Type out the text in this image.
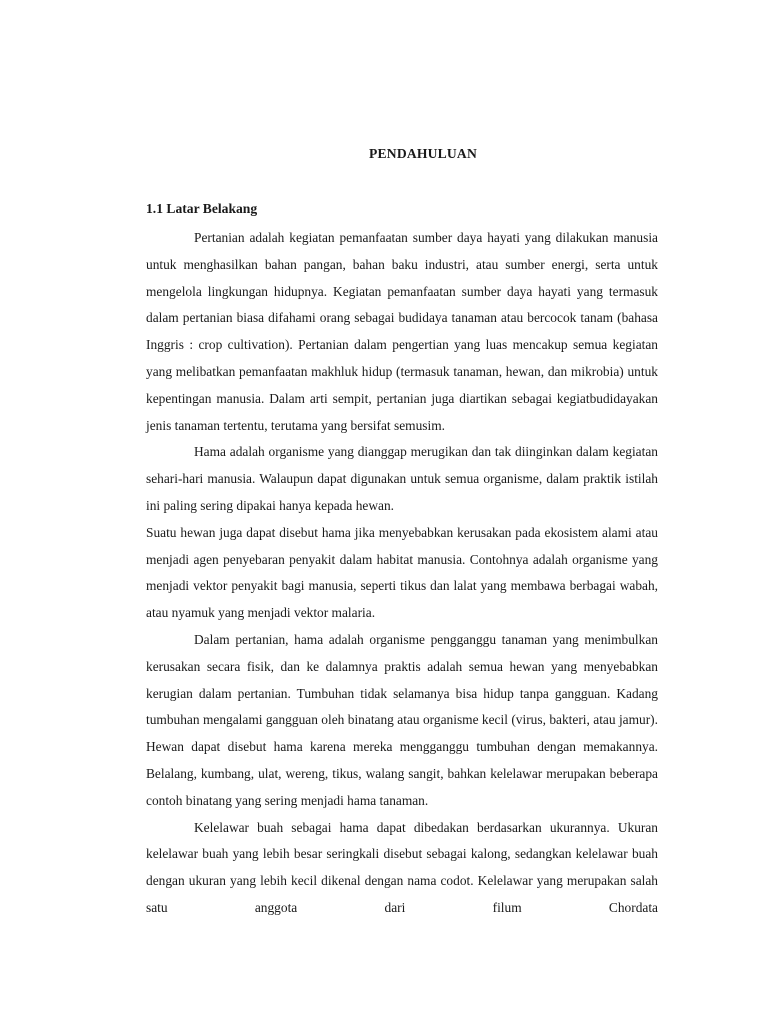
PENDAHULUAN
1.1 Latar Belakang

Pertanian adalah kegiatan pemanfaatan sumber daya hayati yang dilakukan manusia untuk menghasilkan bahan pangan, bahan baku industri, atau sumber energi, serta untuk mengelola lingkungan hidupnya. Kegiatan pemanfaatan sumber daya hayati yang termasuk dalam pertanian biasa difahami orang sebagai budidaya tanaman atau bercocok tanam (bahasa Inggris : crop cultivation). Pertanian dalam pengertian yang luas mencakup semua kegiatan yang melibatkan pemanfaatan makhluk hidup (termasuk tanaman, hewan, dan mikrobia) untuk kepentingan manusia. Dalam arti sempit, pertanian juga diartikan sebagai kegiatbudidayakan jenis tanaman tertentu, terutama yang bersifat semusim.

Hama adalah organisme yang dianggap merugikan dan tak diinginkan dalam kegiatan sehari-hari manusia. Walaupun dapat digunakan untuk semua organisme, dalam praktik istilah ini paling sering dipakai hanya kepada hewan.

Suatu hewan juga dapat disebut hama jika menyebabkan kerusakan pada ekosistem alami atau menjadi agen penyebaran penyakit dalam habitat manusia. Contohnya adalah organisme yang menjadi vektor penyakit bagi manusia, seperti tikus dan lalat yang membawa berbagai wabah, atau nyamuk yang menjadi vektor malaria.

Dalam pertanian, hama adalah organisme pengganggu tanaman yang menimbulkan kerusakan secara fisik, dan ke dalamnya praktis adalah semua hewan yang menyebabkan kerugian dalam pertanian. Tumbuhan tidak selamanya bisa hidup tanpa gangguan. Kadang tumbuhan mengalami gangguan oleh binatang atau organisme kecil (virus, bakteri, atau jamur). Hewan dapat disebut hama karena mereka mengganggu tumbuhan dengan memakannya. Belalang, kumbang, ulat, wereng, tikus, walang sangit, bahkan kelelawar merupakan beberapa contoh binatang yang sering menjadi hama tanaman.

Kelelawar buah sebagai hama dapat dibedakan berdasarkan ukurannya. Ukuran kelelawar buah yang lebih besar seringkali disebut sebagai kalong, sedangkan kelelawar buah dengan ukuran yang lebih kecil dikenal dengan nama codot. Kelelawar yang merupakan salah satu anggota dari filum Chordata
